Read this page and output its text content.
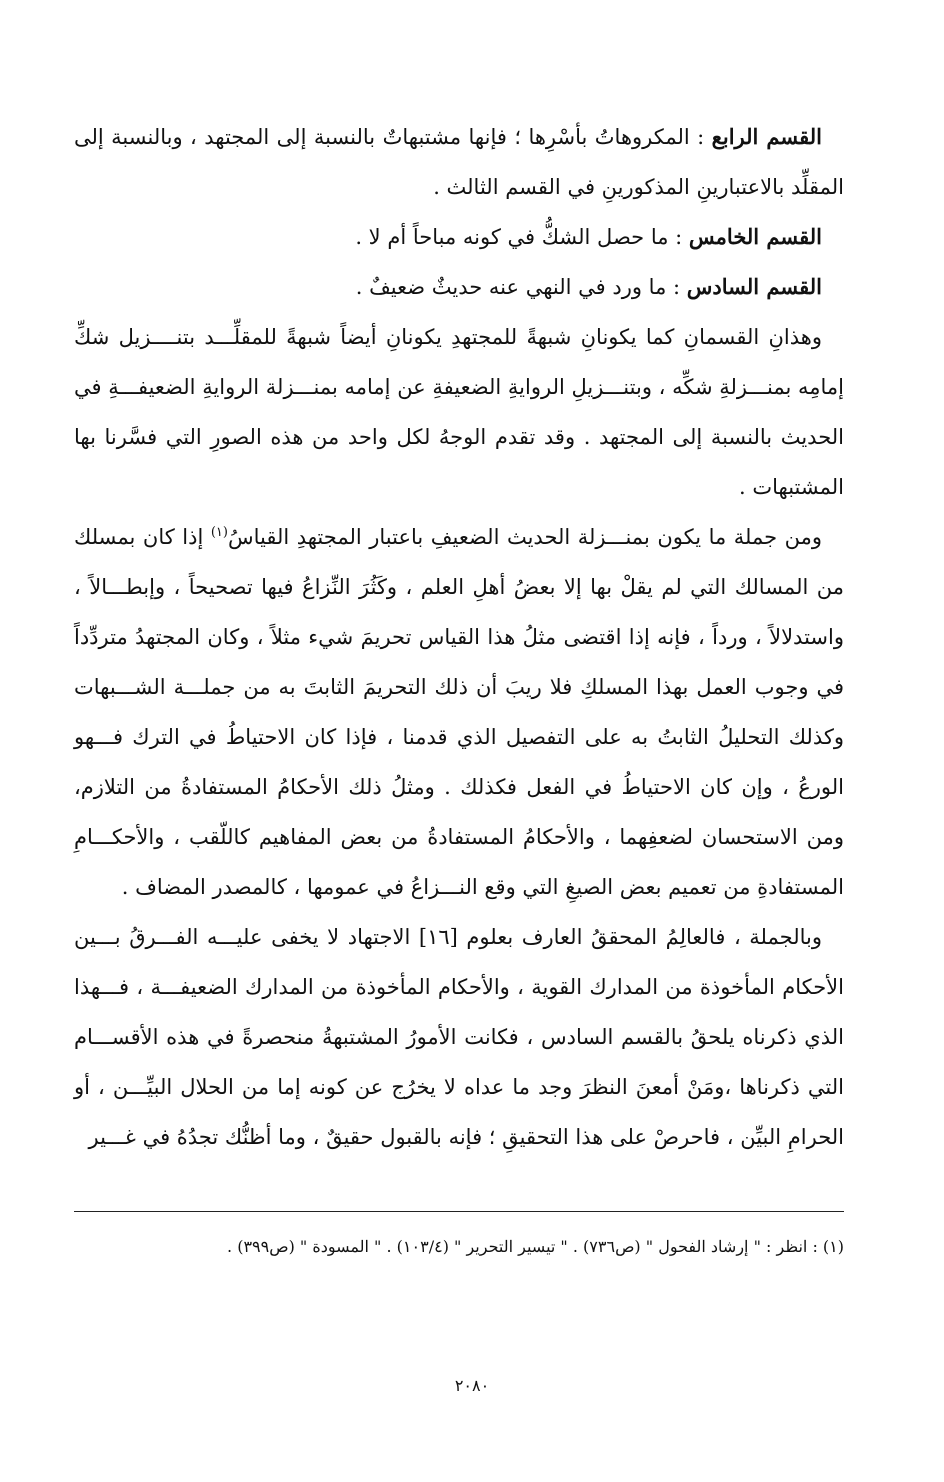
القسم الرابع : المكروهاتُ بأسْرِها ؛ فإنها مشتبهاتٌ بالنسبة إلى المجتهد ، وبالنسبة إلى المقلِّد بالاعتبارينِ المذكورينِ في القسم الثالث .

القسم الخامس : ما حصل الشكُّ في كونه مباحاً أم لا .

القسم السادس : ما ورد في النهي عنه حديثٌ ضعيفٌ .

وهذانِ القسمانِ كما يكونانِ شبهةً للمجتهدِ يكونانِ أيضاً شبهةً للمقلِّـــد بتنــــزيل شكِّ إمامِه بمنـــزلةِ شكِّه ، وبتنـــزيلِ الروايةِ الضعيفةِ عن إمامه بمنـــزلة الروايةِ الضعيفـــةِ في الحديث بالنسبة إلى المجتهد . وقد تقدم الوجهُ لكل واحد من هذه الصورِ التي فسَّرنا بها المشتبهات .

ومن جملة ما يكون بمنـــزلة الحديث الضعيفِ باعتبار المجتهدِ القياسُ$^{(١)}$ إذا كان بمسلك من المسالك التي لم يقلْ بها إلا بعضُ أهلِ العلم ، وكَثُرَ النِّزاعُ فيها تصحيحاً ، وإبطـــالاً ، واستدلالاً ، ورداً ، فإنه إذا اقتضى مثلُ هذا القياس تحريمَ شيء مثلاً ، وكان المجتهدُ متردِّداً في وجوب العمل بهذا المسلكِ فلا ريبَ أن ذلك التحريمَ الثابتَ به من جملـــة الشـــبهات وكذلك التحليلُ الثابتُ به على التفصيل الذي قدمنا ، فإذا كان الاحتياطُ في الترك فـــهو الورعُ ، وإن كان الاحتياطُ في الفعل فكذلك . ومثلُ ذلك الأحكامُ المستفادةُ من التلازم، ومن الاستحسان لضعفِهما ، والأحكامُ المستفادةُ من بعض المفاهيم كاللّقب ، والأحكـــامِ المستفادةِ من تعميم بعض الصيغِ التي وقع النـــزاعُ في عمومها ، كالمصدر المضاف .

وبالجملة ، فالعالِمُ المحققُ العارف بعلوم [١٦] الاجتهاد لا يخفى عليـــه الفـــرقُ بـــين الأحكام المأخوذة من المدارك القوية ، والأحكام المأخوذة من المدارك الضعيفـــة ، فـــهذا الذي ذكرناه يلحقُ بالقسم السادس ، فكانت الأمورُ المشتبهةُ منحصرةً في هذه الأقســـام التي ذكرناها ،ومَنْ أمعنَ النظرَ وجد ما عداه لا يخرُج عن كونه إما من الحلال البيِّـــن ، أو الحرامِ البيِّن ، فاحرصْ على هذا التحقيقِ ؛ فإنه بالقبول حقيقٌ ، وما أظنُّك تجدُهُ في غـــير

(١) : انظر : " إرشاد الفحول " (ص٧٣٦) . " تيسير التحرير " (١٠٣/٤) . " المسودة " (ص٣٩٩) .
٢٠٨٠
